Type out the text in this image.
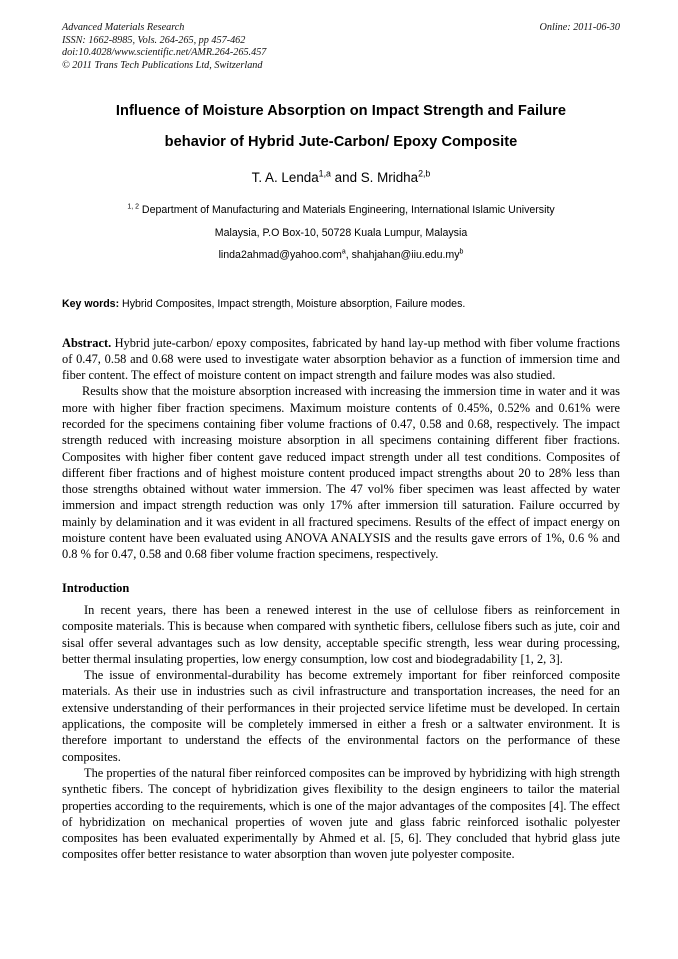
Advanced Materials Research
ISSN: 1662-8985, Vols. 264-265, pp 457-462
doi:10.4028/www.scientific.net/AMR.264-265.457
© 2011 Trans Tech Publications Ltd, Switzerland
Online: 2011-06-30
Influence of Moisture Absorption on Impact Strength and Failure
behavior of Hybrid Jute-Carbon/ Epoxy Composite
T. A. Lenda$^{1,a}$ and S. Mridha$^{2,b}$
$^{1, 2}$ Department of Manufacturing and Materials Engineering, International Islamic University
Malaysia, P.O Box-10, 50728 Kuala Lumpur, Malaysia
linda2ahmad@yahoo.com$^a$, $shahjahan@iiu.edu.my^b$
Key words: Hybrid Composites, Impact strength, Moisture absorption, Failure modes.

Abstract. Hybrid jute-carbon/ epoxy composites, fabricated by hand lay-up method with fiber volume fractions of 0.47, 0.58 and 0.68 were used to investigate water absorption behavior as a function of immersion time and fiber content. The effect of moisture content on impact strength and failure modes was also studied.

Results show that the moisture absorption increased with increasing the immersion time in water and it was more with higher fiber fraction specimens. Maximum moisture contents of 0.45%, 0.52% and 0.61% were recorded for the specimens containing fiber volume fractions of 0.47, 0.58 and 0.68, respectively. The impact strength reduced with increasing moisture absorption in all specimens containing different fiber fractions. Composites with higher fiber content gave reduced impact strength under all test conditions. Composites of different fiber fractions and of highest moisture content produced impact strengths about 20 to 28% less than those strengths obtained without water immersion. The 47 vol% fiber specimen was least affected by water immersion and impact strength reduction was only 17% after immersion till saturation. Failure occurred by mainly by delamination and it was evident in all fractured specimens. Results of the effect of impact energy on moisture content have been evaluated using ANOVA ANALYSIS and the results gave errors of 1%, 0.6 % and 0.8 % for 0.47, 0.58 and 0.68 fiber volume fraction specimens, respectively.

Introduction

In recent years, there has been a renewed interest in the use of cellulose fibers as reinforcement in composite materials. This is because when compared with synthetic fibers, cellulose fibers such as jute, coir and sisal offer several advantages such as low density, acceptable specific strength, less wear during processing, better thermal insulating properties, low energy consumption, low cost and biodegradability [1, 2, 3].

The issue of environmental-durability has become extremely important for fiber reinforced composite materials. As their use in industries such as civil infrastructure and transportation increases, the need for an extensive understanding of their performances in their projected service lifetime must be developed. In certain applications, the composite will be completely immersed in either a fresh or a saltwater environment. It is therefore important to understand the effects of the environmental factors on the performance of these composites.

The properties of the natural fiber reinforced composites can be improved by hybridizing with high strength synthetic fibers. The concept of hybridization gives flexibility to the design engineers to tailor the material properties according to the requirements, which is one of the major advantages of the composites [4]. The effect of hybridization on mechanical properties of woven jute and glass fabric reinforced isothalic polyester composites has been evaluated experimentally by Ahmed et al. [5, 6]. They concluded that hybrid glass jute composites offer better resistance to water absorption than woven jute polyester composite.
